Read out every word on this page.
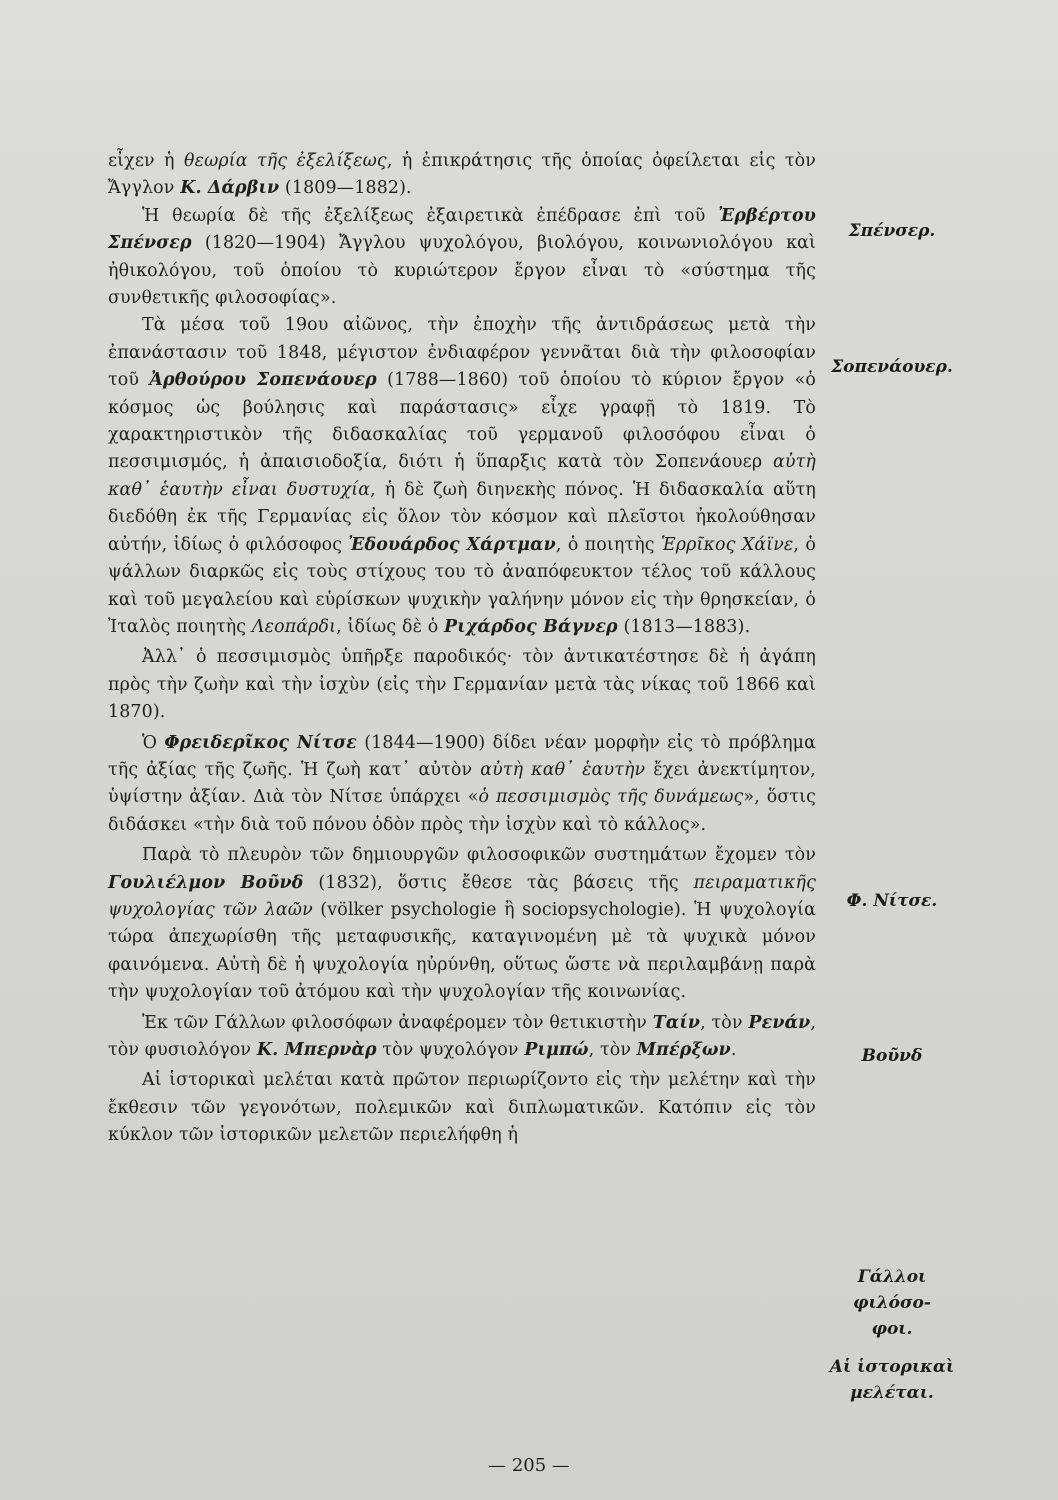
εἶχεν ἡ θεωρία τῆς ἐξελίξεως, ἡ ἐπικράτησις τῆς ὁποίας ὀφείλεται εἰς τὸν Ἄγγλον Κ. Δάρβιν (1809—1882).

Ἡ θεωρία δὲ τῆς ἐξελίξεως ἐξαιρετικὰ ἐπέδρασε ἐπὶ τοῦ Ἐρβέρτου Σπένσερ (1820—1904) Ἄγγλου ψυχολόγου, βιολόγου, κοινωνιολόγου καὶ ἠθικολόγου, τοῦ ὁποίου τὸ κυριώτερον ἔργον εἶναι τὸ «σύστημα τῆς συνθετικῆς φιλοσοφίας».

Τὰ μέσα τοῦ 19ου αἰῶνος, τὴν ἐποχὴν τῆς ἀντιδράσεως μετὰ τὴν ἐπανάστασιν τοῦ 1848, μέγιστον ἐνδιαφέρον γεννᾶται διὰ τὴν φιλοσοφίαν τοῦ Ἀρθούρου Σοπενάουερ (1788—1860) τοῦ ὁποίου τὸ κύριον ἔργον «ὁ κόσμος ὡς βούλησις καὶ παράστασις» εἶχε γραφῇ τὸ 1819. Τὸ χαρακτηριστικὸν τῆς διδασκαλίας τοῦ γερμανοῦ φιλοσόφου εἶναι ὁ πεσσιμισμός, ἡ ἀπαισιοδοξία, διότι ἡ ὕπαρξις κατὰ τὸν Σοπενάουερ αὐτὴ καθ᾿ ἑαυτὴν εἶναι δυστυχία, ἡ δὲ ζωὴ διηνεκὴς πόνος. Ἡ διδασκαλία αὕτη διεδόθη ἐκ τῆς Γερμανίας εἰς ὅλον τὸν κόσμον καὶ πλεῖστοι ἠκολούθησαν αὐτήν, ἰδίως ὁ φιλόσοφος Ἐδουάρδος Χάρτμαν, ὁ ποιητὴς Ἑρρῖκος Χάϊνε, ὁ ψάλλων διαρκῶς εἰς τοὺς στίχους του τὸ ἀναπόφευκτον τέλος τοῦ κάλλους καὶ τοῦ μεγαλείου καὶ εὑρίσκων ψυχικὴν γαλήνην μόνον εἰς τὴν θρησκείαν, ὁ Ἰταλὸς ποιητὴς Λεοπάρδι, ἰδίως δὲ ὁ Ριχάρδος Βάγνερ (1813—1883).

Ἀλλ᾿ ὁ πεσσιμισμὸς ὑπῆρξε παροδικός· τὸν ἀντικατέστησε δὲ ἡ ἀγάπη πρὸς τὴν ζωὴν καὶ τὴν ἰσχὺν (εἰς τὴν Γερμανίαν μετὰ τὰς νίκας τοῦ 1866 καὶ 1870).

Ὁ Φρειδερῖκος Νίτσε (1844—1900) δίδει νέαν μορφὴν εἰς τὸ πρόβλημα τῆς ἀξίας τῆς ζωῆς. Ἡ ζωὴ κατ᾿ αὐτὸν αὐτὴ καθ᾿ ἑαυτὴν ἔχει ἀνεκτίμητον, ὑψίστην ἀξίαν. Διὰ τὸν Νίτσε ὑπάρχει «ὁ πεσσιμισμὸς τῆς δυνάμεως», ὅστις διδάσκει «τὴν διὰ τοῦ πόνου ὁδὸν πρὸς τὴν ἰσχὺν καὶ τὸ κάλλος».

Παρὰ τὸ πλευρὸν τῶν δημιουργῶν φιλοσοφικῶν συστημάτων ἔχομεν τὸν Γουλιέλμον Βοῦνδ (1832), ὅστις ἔθεσε τὰς βάσεις τῆς πειραματικῆς ψυχολογίας τῶν λαῶν (völker psychologie ἢ sociopsychologie). Ἡ ψυχολογία τώρα ἀπεχωρίσθη τῆς μεταφυσικῆς, καταγινομένη μὲ τὰ ψυχικὰ μόνον φαινόμενα. Αὐτὴ δὲ ἡ ψυχολογία ηὐρύνθη, οὕτως ὥστε νὰ περιλαμβάνῃ παρὰ τὴν ψυχολογίαν τοῦ ἀτόμου καὶ τὴν ψυχολογίαν τῆς κοινωνίας.

Ἐκ τῶν Γάλλων φιλοσόφων ἀναφέρομεν τὸν θετικιστὴν Ταίν, τὸν Ρενάν, τὸν φυσιολόγον Κ. Μπερνὰρ τὸν ψυχολόγον Ριμπώ, τὸν Μπέρξων.

Αἱ ἱστορικαὶ μελέται κατὰ πρῶτον περιωρίζοντο εἰς τὴν μελέτην καὶ τὴν ἔκθεσιν τῶν γεγονότων, πολεμικῶν καὶ διπλωματικῶν. Κατόπιν εἰς τὸν κύκλον τῶν ἱστορικῶν μελετῶν περιελήφθη ἡ

Σπένσερ.
Σοπενάουερ.
Φ. Νίτσε.
Βοῦνδ
Γάλλοι φιλόσο-
φοι.
Αἱ ἱστορικαὶ
μελέται.
— 205 —
